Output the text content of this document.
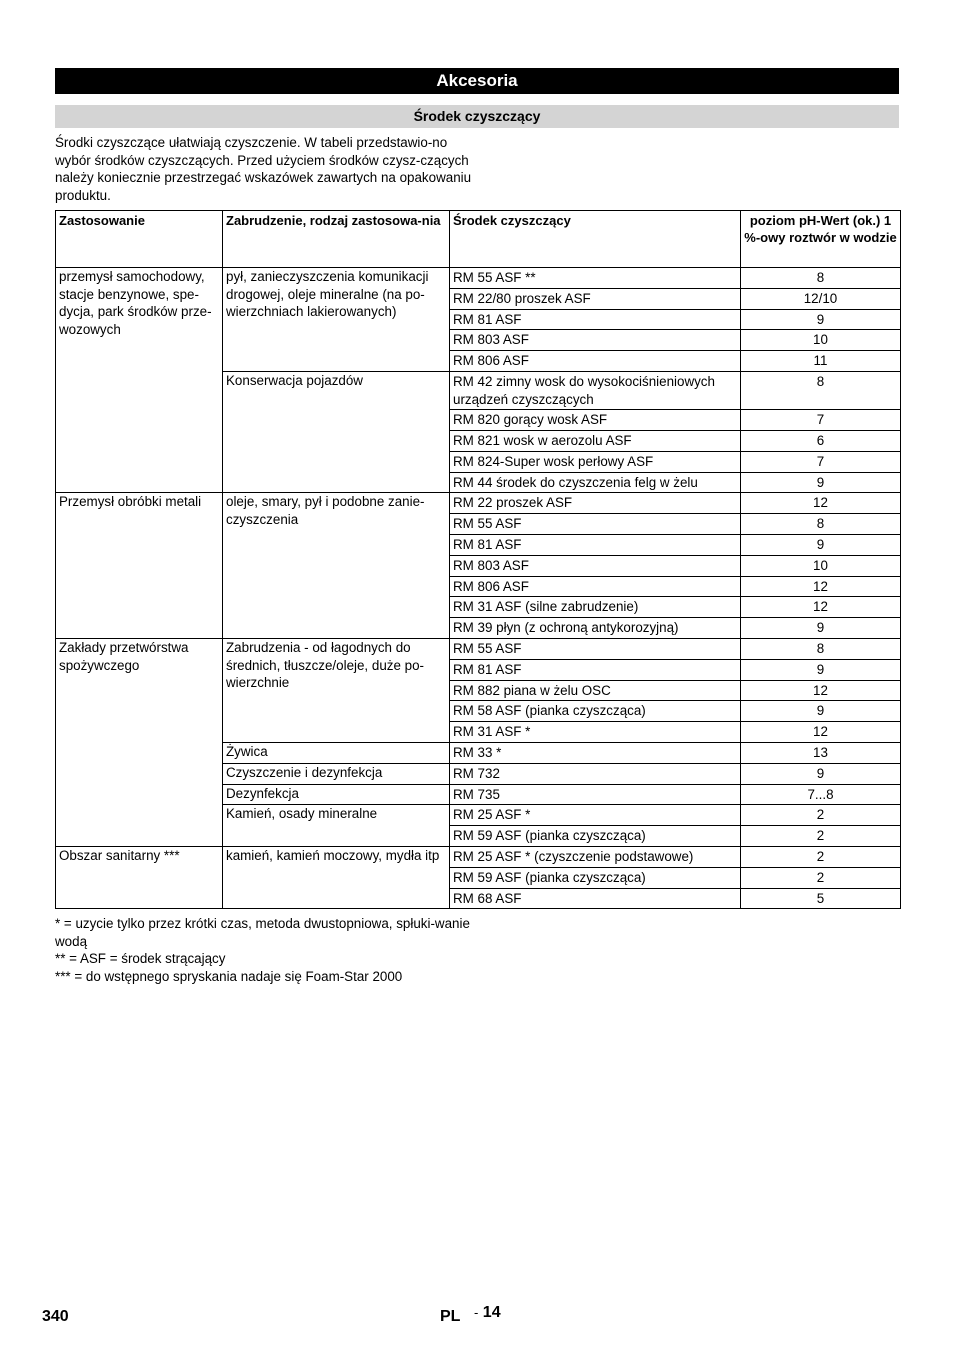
Akcesoria
Środek czyszczący
Środki czyszczące ułatwiają czyszczenie. W tabeli przedstawio-no wybór środków czyszczących. Przed użyciem środków czysz-czących należy koniecznie przestrzegać wskazówek zawartych na opakowaniu produktu.
Zastosowanie	Zabrudzenie, rodzaj zastosowa-nia	Środek czyszczący	poziom pH-Wert (ok.) 1 %-owy roztwór w wodzie
przemysł samochodowy, stacje benzynowe, spe-dycja, park środków prze-wozowych	pył, zanieczyszczenia komunikacji drogowej, oleje mineralne (na po-wierzchniach lakierowanych)	RM 55 ASF **	8
		RM 22/80 proszek ASF	12/10
		RM 81 ASF	9
		RM 803 ASF	10
		RM 806 ASF	11
	Konserwacja pojazdów	RM 42 zimny wosk do wysokociśnieniowych urządzeń czyszczących	8
		RM 820 gorący wosk ASF	7
		RM 821 wosk w aerozolu ASF	6
		RM 824-Super wosk perłowy ASF	7
		RM 44 środek do czyszczenia felg w żelu	9
Przemysł obróbki metali	oleje, smary, pył i podobne zanie-czyszczenia	RM 22 proszek ASF	12
		RM 55 ASF	8
		RM 81 ASF	9
		RM 803 ASF	10
		RM 806 ASF	12
		RM 31 ASF (silne zabrudzenie)	12
		RM 39 płyn (z ochroną antykorozyjną)	9
Zakłady przetwórstwa spożywczego	Zabrudzenia - od łagodnych do średnich, tłuszcze/oleje, duże po-wierzchnie	RM 55 ASF	8
		RM 81 ASF	9
		RM 882 piana w żelu OSC	12
		RM 58 ASF (pianka czyszcząca)	9
		RM 31 ASF *	12
	Żywica	RM 33 *	13
	Czyszczenie i dezynfekcja	RM 732	9
	Dezynfekcja	RM 735	7...8
	Kamień, osady mineralne	RM 25 ASF *	2
		RM 59 ASF (pianka czyszcząca)	2
Obszar sanitarny ***	kamień, kamień moczowy, mydła itp	RM 25 ASF * (czyszczenie podstawowe)	2
		RM 59 ASF (pianka czyszcząca)	2
		RM 68 ASF	5
* = uzycie tylko przez krótki czas, metoda dwustopniowa, spłuki-wanie wodą
** = ASF = środek strącający
*** = do wstępnego spryskania nadaje się Foam-Star 2000
340	PL - 14
